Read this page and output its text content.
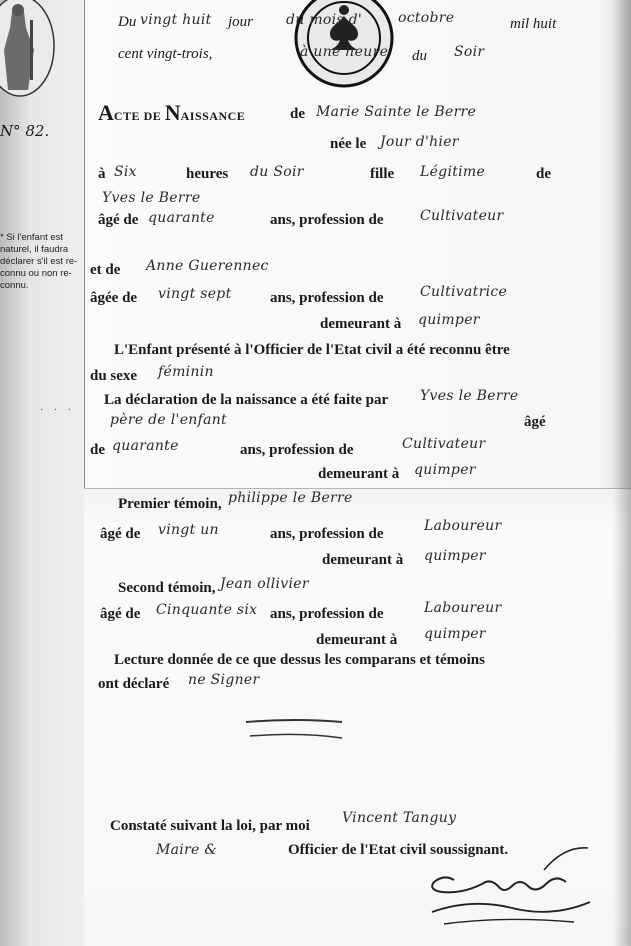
N° 82.
* Si l'enfant est
naturel, il faudra
déclarer s'il est re-
connu ou non re-
connu.
· · ·
Du vingt huit jour du mois d'	octobre	mil huit
cent vingt-trois,	à une heure du Soir
ACTE DE NAISSANCE	de Marie Sainte le Berre
née le Jour d'hier
à Six	heures du Soir	fille Légitime	de
Yves le Berre
âgé de quarante	ans, profession de	Cultivateur
et de Anne Guerennec
âgée de vingt sept	ans, profession de	Cultivatrice
demeurant à quimper
L'Enfant présenté à l'Officier de l'Etat civil a été reconnu être
du sexe féminin
La déclaration de la naissance a été faite par Yves le Berre
père de l'enfant	âgé
de quarante	ans, profession de	Cultivateur
demeurant à quimper
Premier témoin, philippe le Berre
âgé de vingt un	ans, profession de	Laboureur
demeurant à quimper
Second témoin, Jean ollivier
âgé de Cinquante six ans, profession de	Laboureur
demeurant à quimper
Lecture donnée de ce que dessus les comparans et témoins
ont déclaré ne Signer
Constaté suivant la loi, par moi Vincent Tanguy
Maire &	Officier de l'Etat civil soussignant.
